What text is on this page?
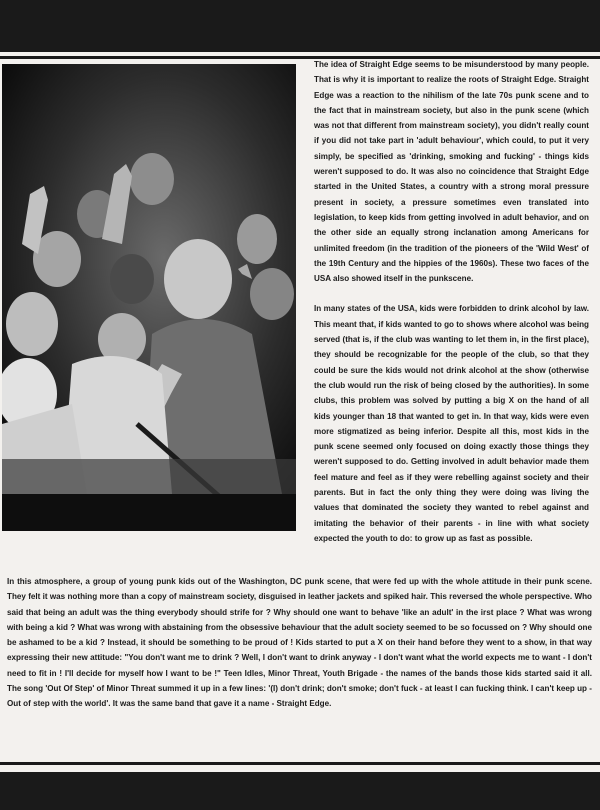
The idea of Straight Edge seems to be misunderstood by many people. That is why it is important to realize the roots of Straight Edge. Straight Edge was a reaction to the nihilism of the late 70s punk scene and to the fact that in mainstream society, but also in the punk scene (which was not that different from mainstream society), you didn't really count if you did not take part in 'adult behaviour', which could, to put it very simply, be specified as 'drinking, smoking and fucking' - things kids weren't supposed to do. It was also no coincidence that Straight Edge started in the United States, a country with a strong moral pressure present in society, a pressure sometimes even translated into legislation, to keep kids from getting involved in adult behavior, and on the other side an equally strong inclanation among Americans for unlimited freedom (in the tradition of the pioneers of the 'Wild West' of the 19th Century and the hippies of the 1960s). These two faces of the USA also showed itself in the punkscene.

In many states of the USA, kids were forbidden to drink alcohol by law. This meant that, if kids wanted to go to shows where alcohol was being served (that is, if the club was wanting to let them in, in the first place), they should be recognizable for the people of the club, so that they could be sure the kids would not drink alcohol at the show (otherwise the club would run the risk of being closed by the authorities). In some clubs, this problem was solved by putting a big X on the hand of all kids younger than 18 that wanted to get in. In that way, kids were even more stigmatized as being inferior. Despite all this, most kids in the punk scene seemed only focused on doing exactly those things they weren't supposed to do. Getting involved in adult behavior made them feel mature and feel as if they were rebelling against society and their parents. But in fact the only thing they were doing was living the values that dominated the society they wanted to rebel against and imitating the behavior of their parents - in line with what society expected the youth to do: to grow up as fast as possible.

In this atmosphere, a group of young punk kids out of the Washington, DC punk scene, that were fed up with the whole attitude in their punk scene. They felt it was nothing more than a copy of mainstream society, disguised in leather jackets and spiked hair. This reversed the whole perspective. Who said that being an adult was the thing everybody should strife for ? Why should one want to behave 'like an adult' in the irst place ? What was wrong with being a kid ? What was wrong with abstaining from the obsessive behaviour that the adult society seemed to be so focussed on ? Why should one be ashamed to be a kid ? Instead, it should be something to be proud of ! Kids started to put a X on their hand before they went to a show, in that way expressing their new attitude: "You don't want me to drink ? Well, I don't want to drink anyway - I don't want what the world expects me to want - I don't need to fit in ! I'll decide for myself how I want to be !" Teen Idles, Minor Threat, Youth Brigade - the names of the bands those kids started said it all. The song 'Out Of Step' of Minor Threat summed it up in a few lines: '(I) don't drink; don't smoke; don't fuck - at least I can fucking think. I can't keep up - Out of step with the world'. It was the same band that gave it a name - Straight Edge.
